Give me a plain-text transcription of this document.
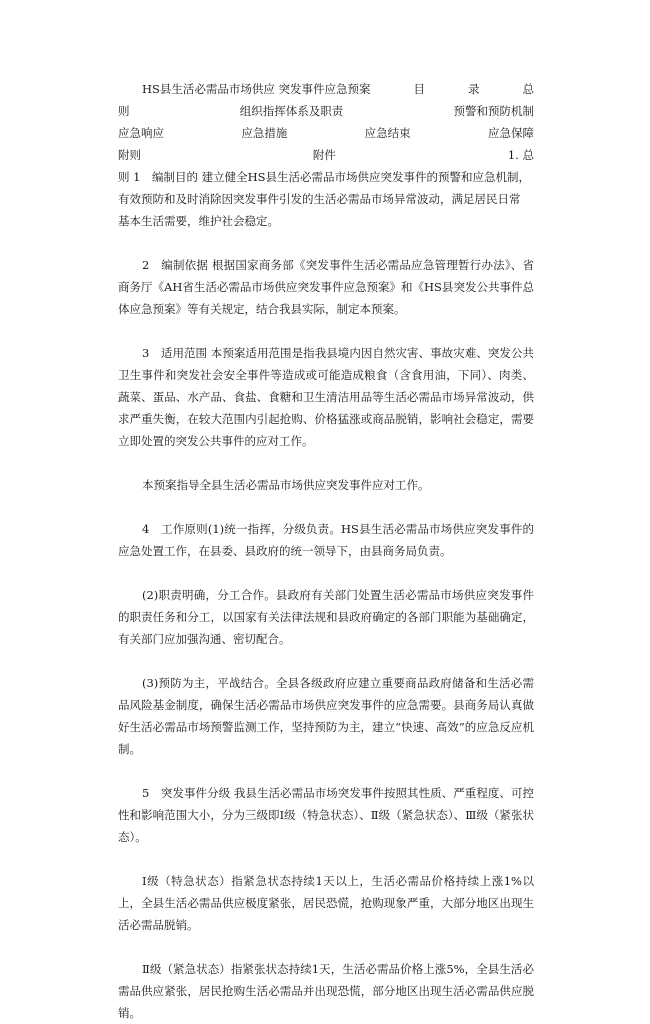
HS县生活必需品市场供应 突发事件应急预案	目	录	总
则	组织指挥体系及职责	预警和预防机制
应急响应	应急措施	应急结束	应急保障
附则	附件	1. 总
则 1　编制目的 建立健全HS县生活必需品市场供应突发事件的预警和应急机制，
有效预防和及时消除因突发事件引发的生活必需品市场异常波动，满足居民日常
基本生活需要，维护社会稳定。

2　编制依据 根据国家商务部《突发事件生活必需品应急管理暂行办法》、省商务厅《AH省生活必需品市场供应突发事件应急预案》和《HS县突发公共事件总体应急预案》等有关规定，结合我县实际，制定本预案。

3　适用范围 本预案适用范围是指我县境内因自然灾害、事故灾难、突发公共卫生事件和突发社会安全事件等造成或可能造成粮食（含食用油，下同）、肉类、蔬菜、蛋品、水产品、食盐、食糖和卫生清洁用品等生活必需品市场异常波动，供求严重失衡，在较大范围内引起抢购、价格猛涨或商品脱销，影响社会稳定，需要立即处置的突发公共事件的应对工作。

本预案指导全县生活必需品市场供应突发事件应对工作。

4　工作原则(1)统一指挥，分级负责。HS县生活必需品市场供应突发事件的应急处置工作，在县委、县政府的统一领导下，由县商务局负责。

(2)职责明确，分工合作。县政府有关部门处置生活必需品市场供应突发事件的职责任务和分工，以国家有关法律法规和县政府确定的各部门职能为基础确定，有关部门应加强沟通、密切配合。

(3)预防为主，平战结合。全县各级政府应建立重要商品政府储备和生活必需品风险基金制度，确保生活必需品市场供应突发事件的应急需要。县商务局认真做好生活必需品市场预警监测工作，坚持预防为主，建立“快速、高效”的应急反应机制。

5　突发事件分级 我县生活必需品市场突发事件按照其性质、严重程度、可控性和影响范围大小，分为三级即Ⅰ级（特急状态）、Ⅱ级（紧急状态）、Ⅲ级（紧张状态）。

Ⅰ级（特急状态）指紧急状态持续1天以上，生活必需品价格持续上涨1%以上，全县生活必需品供应极度紧张，居民恐慌，抢购现象严重，大部分地区出现生活必需品脱销。

Ⅱ级（紧急状态）指紧张状态持续1天，生活必需品价格上涨5%，全县生活必需品供应紧张，居民抢购生活必需品并出现恐慌，部分地区出现生活必需品供应脱销。
